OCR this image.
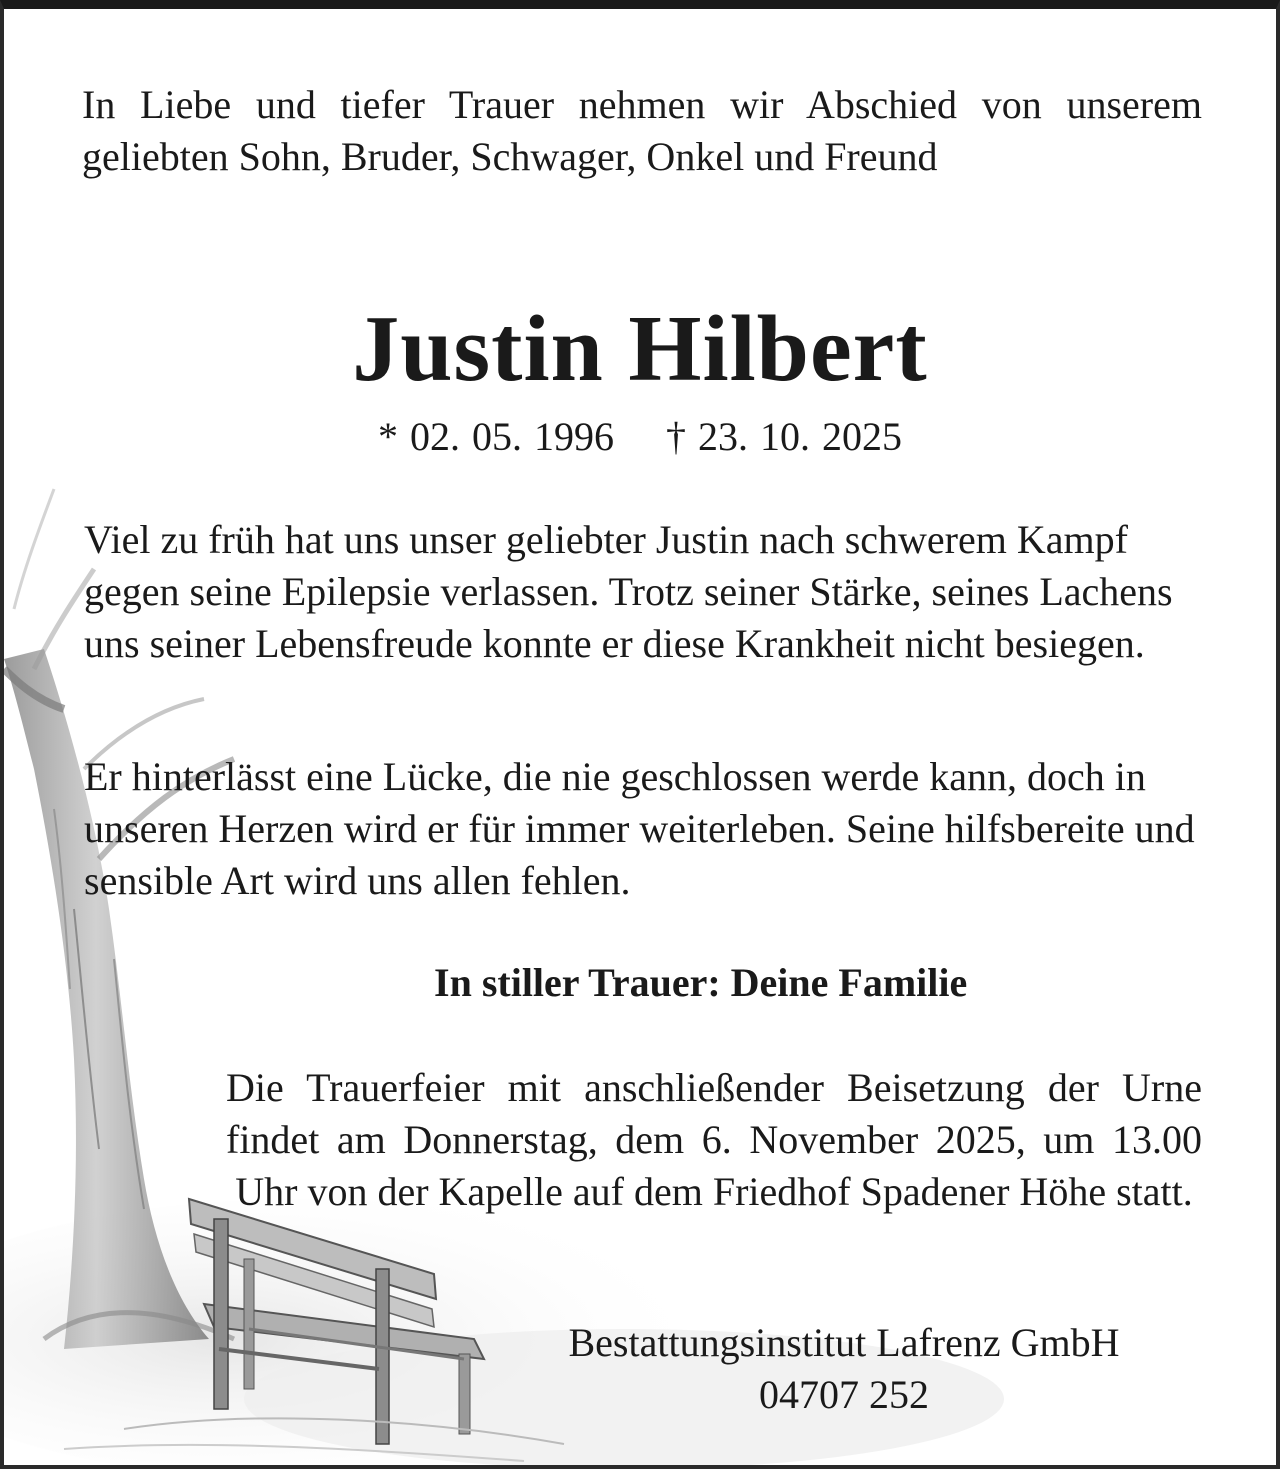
In Liebe und tiefer Trauer nehmen wir Abschied von unserem geliebten Sohn, Bruder, Schwager, Onkel und Freund

Justin Hilbert
* 02. 05. 1996 † 23. 10. 2025

Viel zu früh hat uns unser geliebter Justin nach schwerem Kampf gegen seine Epilepsie verlassen. Trotz seiner Stärke, seines Lachens uns seiner Lebensfreude konnte er diese Krankheit nicht besiegen.

Er hinterlässt eine Lücke, die nie geschlossen werde kann, doch in unseren Herzen wird er für immer weiterleben. Seine hilfsbereite und sensible Art wird uns allen fehlen.

In stiller Trauer: Deine Familie

Die Trauerfeier mit anschließender Beisetzung der Urne findet am Donnerstag, dem 6. November 2025, um 13.00 Uhr von der Kapelle auf dem Friedhof Spadener Höhe statt.

Bestattungsinstitut Lafrenz GmbH
04707 252
